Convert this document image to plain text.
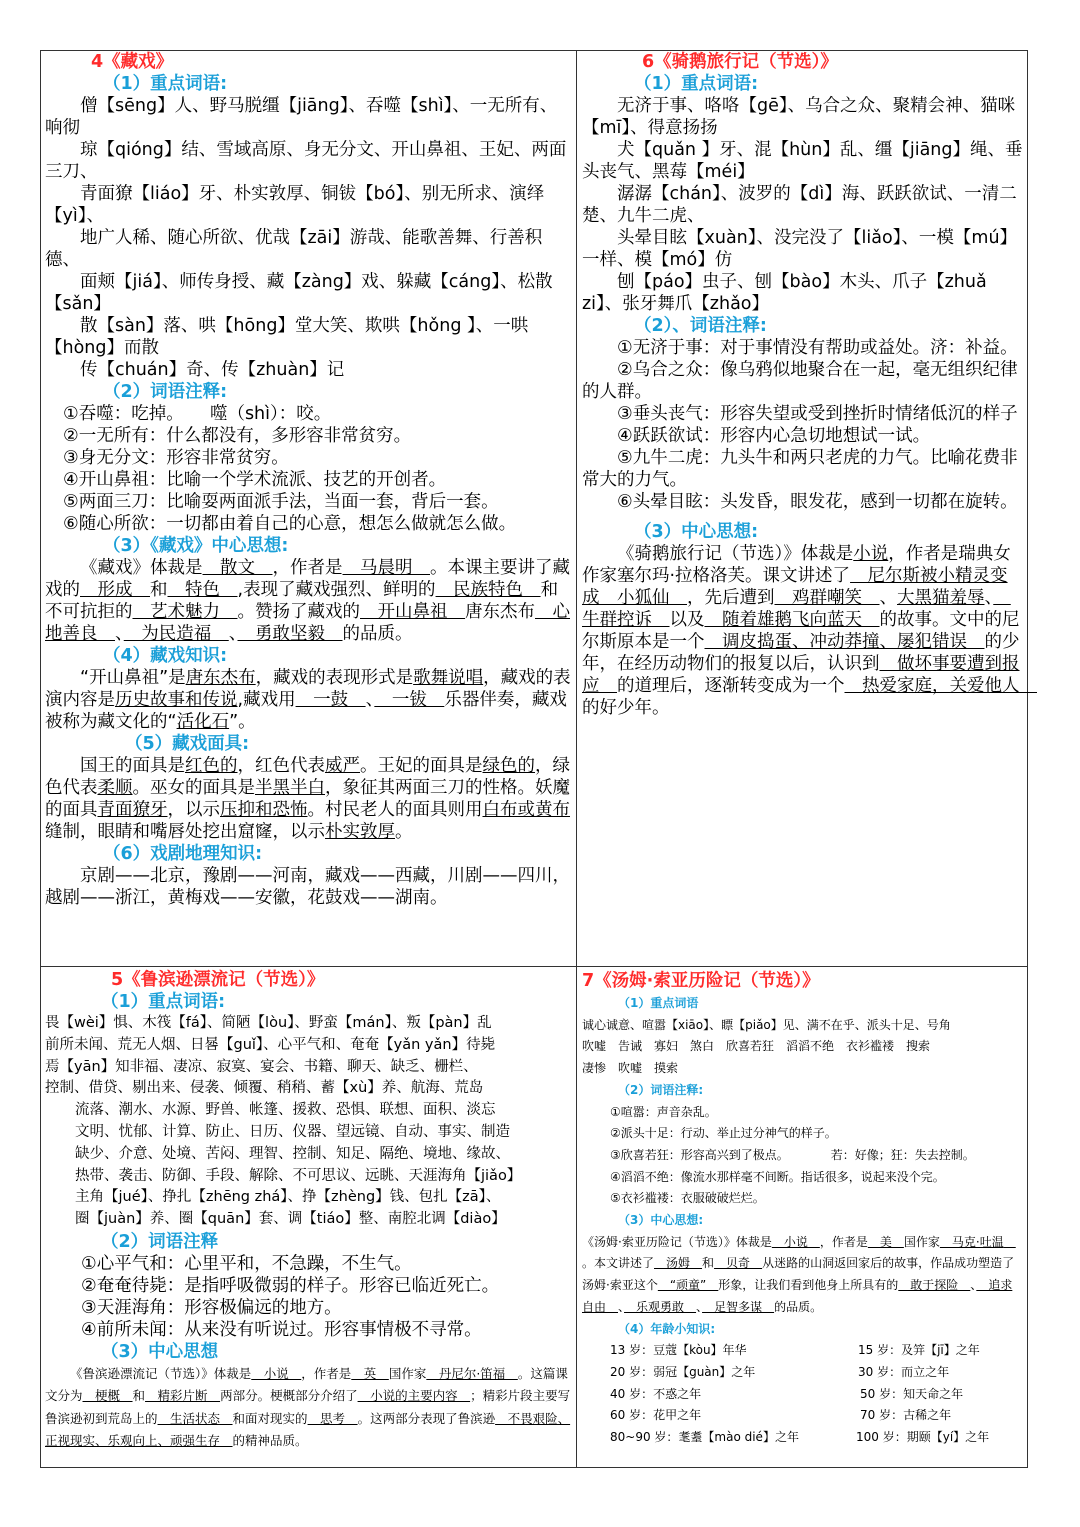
4《藏戏》

（1）重点词语:

僧【sēng】人、野马脱缰【jiāng】、吞噬【shì】、一无所有、响彻

琼【qióng】结、雪域高原、身无分文、开山鼻祖、王妃、两面三刀、

青面獠【liáo】牙、朴实敦厚、铜钹【bó】、别无所求、演绎【yì】、

地广人稀、随心所欲、优哉【zāi】游哉、能歌善舞、行善积德、

面颊【jiá】、师传身授、藏【zàng】戏、躲藏【cáng】、松散【sǎn】

散【sàn】落、哄【hōng】堂大笑、欺哄【hǒng 】、一哄【hòng】而散

传【chuán】奇、传【zhuàn】记

（2）词语注释:

①吞噬：吃掉。　　噬（shì）：咬。

②一无所有：什么都没有，多形容非常贫穷。

③身无分文：形容非常贫穷。

④开山鼻祖：比喻一个学术流派、技艺的开创者。

⑤两面三刀：比喻耍两面派手法，当面一套，背后一套。

⑥随心所欲：一切都由着自己的心意，想怎么做就怎么做。

（3）《藏戏》中心思想:

《藏戏》体裁是　散文　，作者是　马晨明　。本课主要讲了藏戏的　形成　和　特色　,表现了藏戏强烈、鲜明的　民族特色　和不可抗拒的　艺术魅力　。赞扬了藏戏的　开山鼻祖　唐东杰布　心地善良　、　为民造福　、　勇敢坚毅　的品质。

（4）藏戏知识:

“开山鼻祖”是唐东杰布，藏戏的表现形式是歌舞说唱，藏戏的表演内容是历史故事和传说,藏戏用　一鼓　、　一钹　乐器伴奏，藏戏被称为藏文化的“活化石”。

（5）藏戏面具:

国王的面具是红色的，红色代表威严。王妃的面具是绿色的，绿色代表柔顺。巫女的面具是半黑半白，象征其两面三刀的性格。妖魔的面具青面獠牙，以示压抑和恐怖。村民老人的面具则用白布或黄布缝制，眼睛和嘴唇处挖出窟窿，以示朴实敦厚。

（6）戏剧地理知识:

京剧——北京，豫剧——河南，藏戏——西藏，川剧——四川，越剧——浙江，黄梅戏——安徽，花鼓戏——湖南。

6《骑鹅旅行记（节选）》

（1）重点词语:

无济于事、咯咯【gē】、乌合之众、聚精会神、猫咪【mī】、得意扬扬

犬【quǎn 】牙、混【hùn】乱、缰【jiāng】绳、垂头丧气、黑莓【méi】

潺潺【chán】、波罗的【dì】海、跃跃欲试、一清二楚、九牛二虎、

头晕目眩【xuàn】、没完没了【liǎo】、一模【mú】一样、模【mó】仿

刨【páo】虫子、刨【bào】木头、爪子【zhuǎ zi】、张牙舞爪【zhǎo】

（2）、词语注释:

①无济于事：对于事情没有帮助或益处。济：补益。

②乌合之众：像乌鸦似地聚合在一起，毫无组织纪律的人群。

③垂头丧气：形容失望或受到挫折时情绪低沉的样子

④跃跃欲试：形容内心急切地想试一试。

⑤九牛二虎：九头牛和两只老虎的力气。比喻花费非常大的力气。

⑥头晕目眩：头发昏，眼发花，感到一切都在旋转。

（3）中心思想:

《骑鹅旅行记（节选）》体裁是小说，作者是瑞典女作家塞尔玛·拉格洛芙。课文讲述了　尼尔斯被小精灵变成　小狐仙　，先后遭到　鸡群嘲笑　、大黑猫羞辱、　牛群控诉　以及　随着雄鹅飞向蓝天　的故事。文中的尼尔斯原本是一个　调皮捣蛋、冲动莽撞、屡犯错误　的少年，在经历动物们的报复以后，认识到　做坏事要遭到报应　的道理后，逐渐转变成为一个　热爱家庭，关爱他人　的好少年。

5《鲁滨逊漂流记（节选）》

（1）重点词语:

畏【wèi】惧、木筏【fá】、简陋【lòu】、野蛮【mán】、叛【pàn】乱

前所未闻、荒无人烟、日晷【guǐ】、心平气和、奄奄【yǎn yǎn】待毙

焉【yān】知非福、凄凉、寂寞、宴会、书籍、聊天、缺乏、栅栏、

控制、借贷、剔出来、侵袭、倾覆、稍稍、蓄【xù】养、航海、荒岛

流落、潮水、水源、野兽、帐篷、援救、恐惧、联想、面积、淡忘

文明、忧郁、计算、防止、日历、仪器、望远镜、自动、事实、制造

缺少、介意、处境、苦闷、理智、控制、知足、隔绝、境地、缘故、

热带、袭击、防御、手段、解除、不可思议、远眺、天涯海角【jiǎo】

主角【jué】、挣扎【zhēng zhá】、挣【zhèng】钱、包扎【zā】、

圈【juàn】养、圈【quān】套、调【tiáo】整、南腔北调【diào】

（2）词语注释

①心平气和：心里平和，不急躁，不生气。

②奄奄待毙：是指呼吸微弱的样子。形容已临近死亡。

③天涯海角：形容极偏远的地方。

④前所未闻：从来没有听说过。形容事情极不寻常。

（3）中心思想

《鲁滨逊漂流记（节选）》体裁是　小说　，作者是　英　国作家　丹尼尔·笛福　。这篇课文分为　梗概　和　精彩片断　两部分。梗概部分介绍了　小说的主要内容　；精彩片段主要写鲁滨逊初到荒岛上的　生活状态　和面对现实的　思考　。这两部分表现了鲁滨逊　不畏艰险、正视现实、乐观向上、顽强生存　的精神品质。

7《汤姆·索亚历险记（节选）》

（1）重点词语

诚心诚意、喧嚣【xiāo】、瞟【piǎo】见、满不在乎、派头十足、号角

吹嘘　告诫　寡妇　煞白　欣喜若狂　滔滔不绝　衣衫褴褛　搜索

凄惨　吹嘘　摸索

（2）词语注释:

①喧嚣：声音杂乱。

②派头十足：行动、举止过分神气的样子。

③欣喜若狂：形容高兴到了极点。　　　　若：好像；狂：失去控制。

④滔滔不绝：像流水那样毫不间断。指话很多，说起来没个完。

⑤衣衫褴褛：衣服破破烂烂。

（3）中心思想:

《汤姆·索亚历险记（节选）》体裁是　小说　，作者是　美　国作家　马克·吐温　。本文讲述了　汤姆　和　贝奇　从迷路的山洞返回家后的故事，作品成功塑造了汤姆·索亚这个　“顽童”　形象，让我们看到他身上所具有的　敢于探险　、　追求自由　、　乐观勇敢　、　足智多谋　的品质。

（4）年龄小知识:

13 岁：豆蔻【kòu】年华	15 岁：及笄【jī】之年
20 岁：弱冠【guàn】之年	30 岁：而立之年
40 岁：不惑之年	50 岁：知天命之年
60 岁：花甲之年	70 岁：古稀之年
80~90 岁：耄耋【mào dié】之年	100 岁：期颐【yí】之年
